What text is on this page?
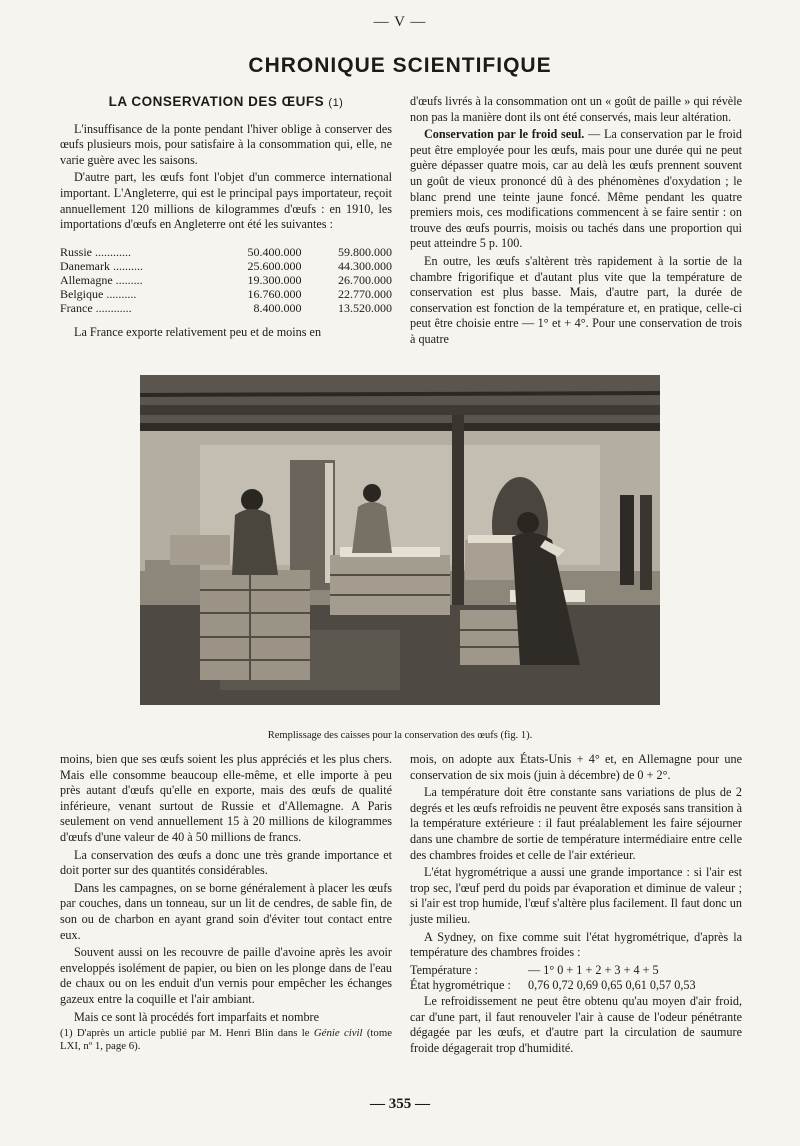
— V —
CHRONIQUE SCIENTIFIQUE
LA CONSERVATION DES ŒUFS (1)

L'insuffisance de la ponte pendant l'hiver oblige à conserver des œufs plusieurs mois, pour satisfaire à la consommation qui, elle, ne varie guère avec les saisons.

D'autre part, les œufs font l'objet d'un commerce international important. L'Angleterre, qui est le principal pays importateur, reçoit annuellement 120 millions de kilogrammes d'œufs : en 1910, les importations d'œufs en Angleterre ont été les suivantes :

Russie ............	50.400.000	59.800.000
Danemark ..........	25.600.000	44.300.000
Allemagne .........	19.300.000	26.700.000
Belgique ..........	16.760.000	22.770.000
France ............	8.400.000	13.520.000

La France exporte relativement peu et de moins en

d'œufs livrés à la consommation ont un « goût de paille » qui révèle non pas la manière dont ils ont été conservés, mais leur altération.

Conservation par le froid seul. — La conservation par le froid peut être employée pour les œufs, mais pour une durée qui ne peut guère dépasser quatre mois, car au delà les œufs prennent souvent un goût de vieux prononcé dû à des phénomènes d'oxydation ; le blanc prend une teinte jaune foncé. Même pendant les quatre premiers mois, ces modifications commencent à se faire sentir : on trouve des œufs pourris, moisis ou tachés dans une proportion qui peut atteindre 5 p. 100.

En outre, les œufs s'altèrent très rapidement à la sortie de la chambre frigorifique et d'autant plus vite que la température de conservation est plus basse. Mais, d'autre part, la durée de conservation est fonction de la température et, en pratique, celle-ci peut être choisie entre — 1° et + 4°. Pour une conservation de trois à quatre

Remplissage des caisses pour la conservation des œufs (fig. 1).

moins, bien que ses œufs soient les plus appréciés et les plus chers. Mais elle consomme beaucoup elle-même, et elle importe à peu près autant d'œufs qu'elle en exporte, mais des œufs de qualité inférieure, venant surtout de Russie et d'Allemagne. A Paris seulement on vend annuellement 15 à 20 millions de kilogrammes d'œufs d'une valeur de 40 à 50 millions de francs.

La conservation des œufs a donc une très grande importance et doit porter sur des quantités considérables.

Dans les campagnes, on se borne généralement à placer les œufs par couches, dans un tonneau, sur un lit de cendres, de sable fin, de son ou de charbon en ayant grand soin d'éviter tout contact entre eux.

Souvent aussi on les recouvre de paille d'avoine après les avoir enveloppés isolément de papier, ou bien on les plonge dans de l'eau de chaux ou on les enduit d'un vernis pour empêcher les échanges gazeux entre la coquille et l'air ambiant.

Mais ce sont là procédés fort imparfaits et nombre

(1) D'après un article publié par M. Henri Blin dans le Génie civil (tome LXI, nº 1, page 6).

mois, on adopte aux États-Unis + 4° et, en Allemagne pour une conservation de six mois (juin à décembre) de 0 + 2°.

La température doit être constante sans variations de plus de 2 degrés et les œufs refroidis ne peuvent être exposés sans transition à la température extérieure : il faut préalablement les faire séjourner dans une chambre de sortie de température intermédiaire entre celle des chambres froides et celle de l'air extérieur.

L'état hygrométrique a aussi une grande importance : si l'air est trop sec, l'œuf perd du poids par évaporation et diminue de valeur ; si l'air est trop humide, l'œuf s'altère plus facilement. Il faut donc un juste milieu.

A Sydney, on fixe comme suit l'état hygrométrique, d'après la température des chambres froides :

Température :	— 1° 0 + 1 + 2 + 3 + 4 + 5
État hygrométrique :	0,76 0,72 0,69 0,65 0,61 0,57 0,53

Le refroidissement ne peut être obtenu qu'au moyen d'air froid, car d'une part, il faut renouveler l'air à cause de l'odeur pénétrante dégagée par les œufs, et d'autre part la circulation de saumure froide dégagerait trop d'humidité.

— 355 —
